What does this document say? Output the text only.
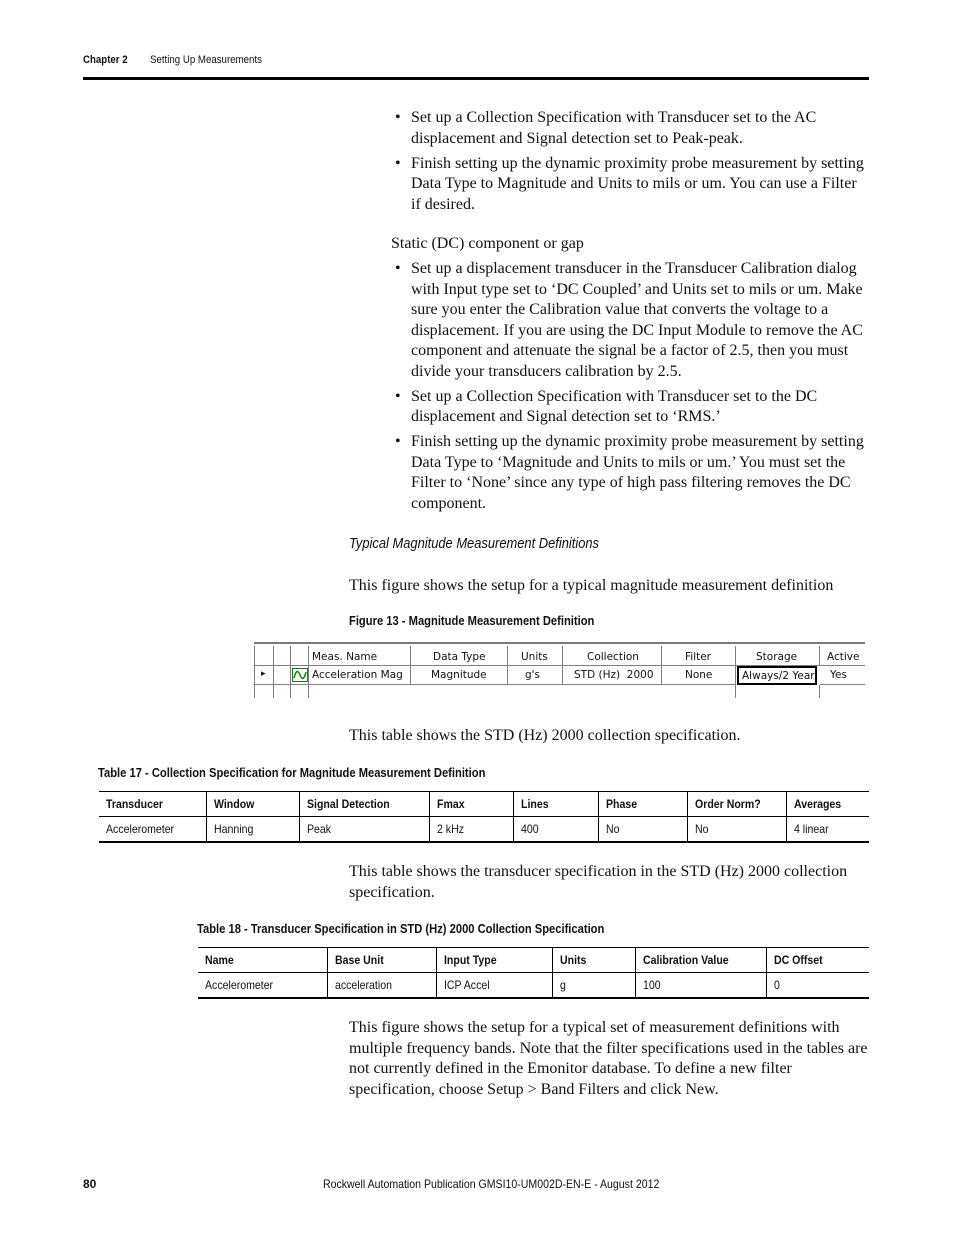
Chapter 2 Setting Up Measurements
• Set up a Collection Specification with Transducer set to the AC displacement and Signal detection set to Peak-peak.
• Finish setting up the dynamic proximity probe measurement by setting Data Type to Magnitude and Units to mils or um. You can use a Filter if desired.
Static (DC) component or gap
• Set up a displacement transducer in the Transducer Calibration dialog with Input type set to ‘DC Coupled’ and Units set to mils or um. Make sure you enter the Calibration value that converts the voltage to a displacement. If you are using the DC Input Module to remove the AC component and attenuate the signal be a factor of 2.5, then you must divide your transducers calibration by 2.5.
• Set up a Collection Specification with Transducer set to the DC displacement and Signal detection set to ‘RMS.’
• Finish setting up the dynamic proximity probe measurement by setting Data Type to ‘Magnitude and Units to mils or um.’ You must set the Filter to ‘None’ since any type of high pass filtering removes the DC component.
Typical Magnitude Measurement Definitions
This figure shows the setup for a typical magnitude measurement definition
Figure 13 - Magnitude Measurement Definition
Meas. Name	Data Type	Units	Collection	Filter	Storage	Active
▸	Acceleration Mag	Magnitude	g's	STD (Hz)  2000	None	Always/2 Year	Yes
This table shows the STD (Hz) 2000 collection specification.
Table 17 - Collection Specification for Magnitude Measurement Definition
Transducer	Window	Signal Detection	Fmax	Lines	Phase	Order Norm?	Averages
Accelerometer	Hanning	Peak	2 kHz	400	No	No	4 linear
This table shows the transducer specification in the STD (Hz) 2000 collection specification.
Table 18 - Transducer Specification in STD (Hz) 2000 Collection Specification
Name	Base Unit	Input Type	Units	Calibration Value	DC Offset
Accelerometer	acceleration	ICP Accel	g	100	0
This figure shows the setup for a typical set of measurement definitions with multiple frequency bands. Note that the filter specifications used in the tables are not currently defined in the Emonitor database. To define a new filter specification, choose Setup > Band Filters and click New.
80	Rockwell Automation Publication GMSI10-UM002D-EN-E - August 2012
